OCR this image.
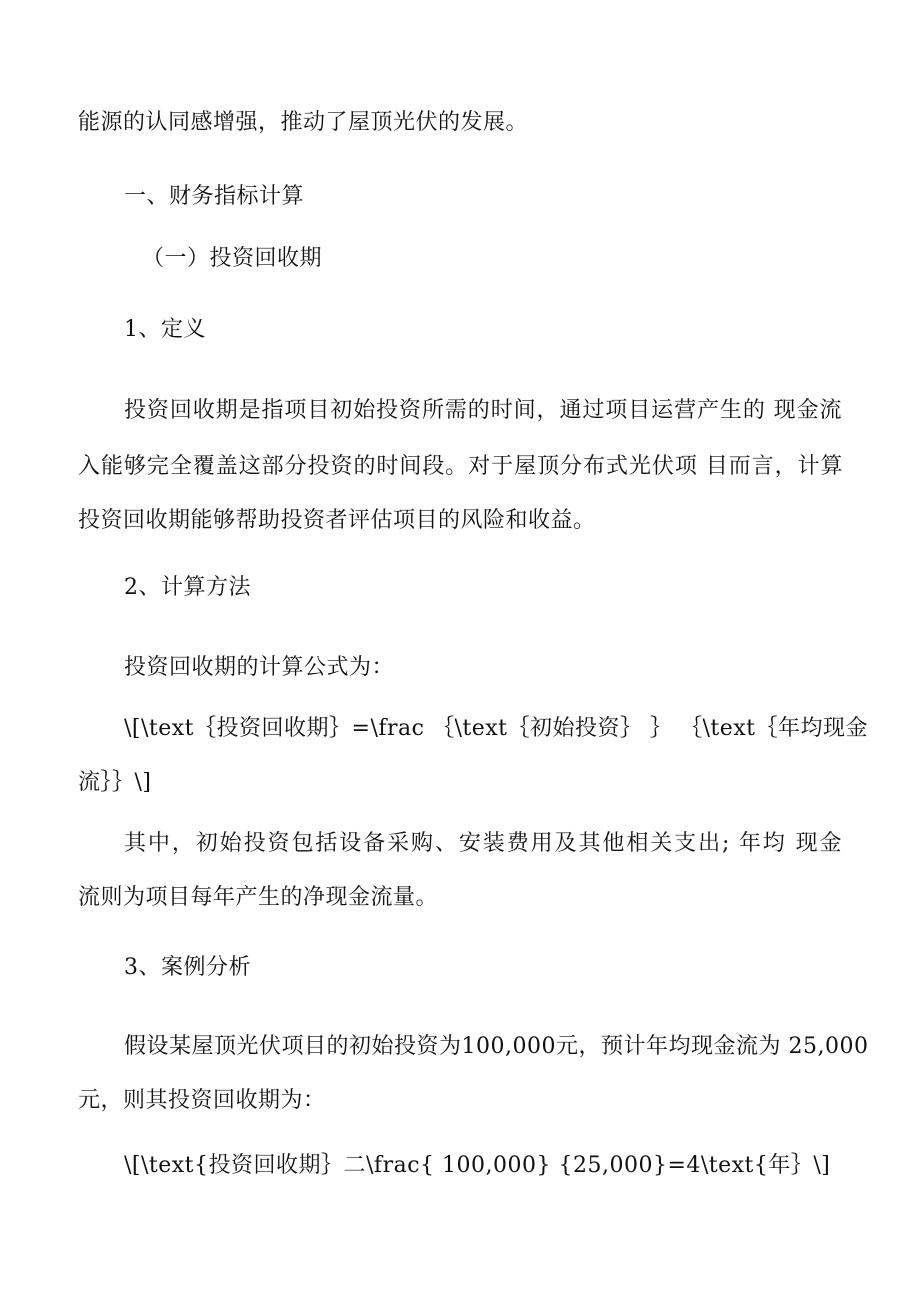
能源的认同感增强，推动了屋顶光伏的发展。
一、财务指标计算
（一）投资回收期
1、定义
投资回收期是指项目初始投资所需的时间，通过项目运营产生的 现金流
入能够完全覆盖这部分投资的时间段。对于屋顶分布式光伏项 目而言，计算
投资回收期能够帮助投资者评估项目的风险和收益。
2、计算方法
投资回收期的计算公式为：
\[\text｛投资回收期｝=\frac ｛\text｛初始投资｝ ｝ ｛\text｛年均现金
流｝｝\]
其中，初始投资包括设备采购、安装费用及其他相关支出; 年均 现金
流则为项目每年产生的净现金流量。
3、案例分析
假设某屋顶光伏项目的初始投资为100,000元，预计年均现金流为 25,000
元，则其投资回收期为：
\[\text{投资回收期｝二\frac{ 100,000} {25,000}=4\text{年｝\]
